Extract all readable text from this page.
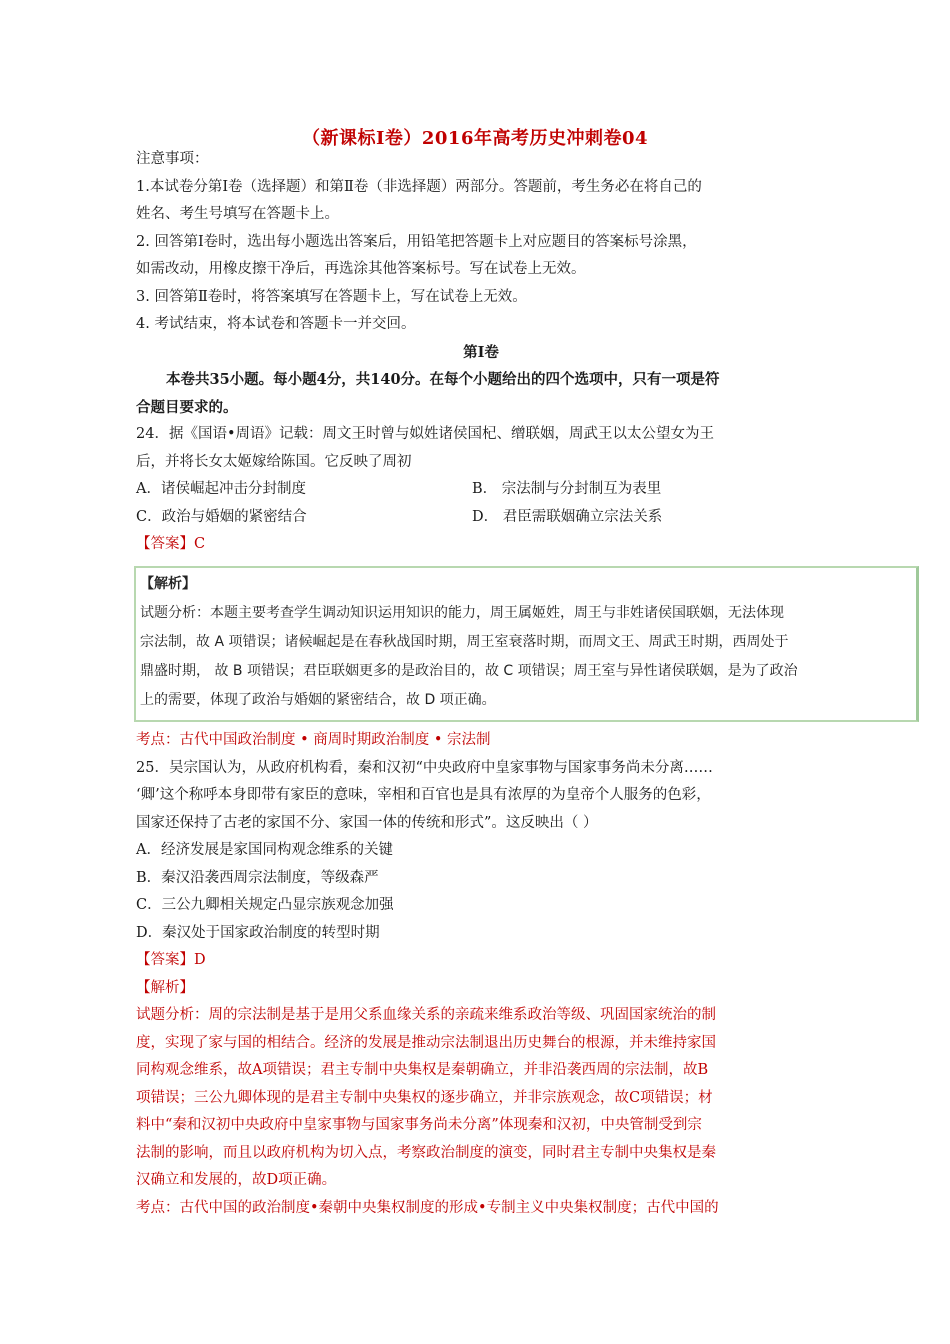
（新课标Ⅰ卷）2016年高考历史冲刺卷04
注意事项：
1.本试卷分第Ⅰ卷（选择题）和第Ⅱ卷（非选择题）两部分。答题前，考生务必在将自己的
姓名、考生号填写在答题卡上。
2. 回答第Ⅰ卷时，选出每小题选出答案后，用铅笔把答题卡上对应题目的答案标号涂黑，
如需改动，用橡皮擦干净后，再选涂其他答案标号。写在试卷上无效。
3. 回答第Ⅱ卷时，将答案填写在答题卡上，写在试卷上无效。
4. 考试结束，将本试卷和答题卡一并交回。
第Ⅰ卷
本卷共35小题。每小题4分，共140分。在每个小题给出的四个选项中，只有一项是符
合题目要求的。
24．据《国语•周语》记载：周文王时曾与姒姓诸侯国杞、缯联姻，周武王以太公望女为王
后，并将长女太姬嫁给陈国。它反映了周初
A．诸侯崛起冲击分封制度	B． 宗法制与分封制互为表里
C．政治与婚姻的紧密结合	D． 君臣需联姻确立宗法关系
【答案】C
【解析】
试题分析：本题主要考查学生调动知识运用知识的能力，周王属姬姓，周王与非姓诸侯国联姻，无法体现
宗法制，故 A 项错误；诸候崛起是在春秋战国时期，周王室衰落时期，而周文王、周武王时期，西周处于
鼎盛时期， 故 B 项错误；君臣联姻更多的是政治目的，故 C 项错误；周王室与异性诸侯联姻，是为了政治
上的需要，体现了政治与婚姻的紧密结合，故 D 项正确。
考点：古代中国政治制度 • 商周时期政治制度 • 宗法制
25．吴宗国认为，从政府机构看，秦和汉初“中央政府中皇家事物与国家事务尚未分离……
‘卿’这个称呼本身即带有家臣的意味，宰相和百官也是具有浓厚的为皇帝个人服务的色彩，
国家还保持了古老的家国不分、家国一体的传统和形式”。这反映出（ ）
A．经济发展是家国同构观念维系的关键
B．秦汉沿袭西周宗法制度，等级森严
C．三公九卿相关规定凸显宗族观念加强
D．秦汉处于国家政治制度的转型时期
【答案】D
【解析】
试题分析：周的宗法制是基于是用父系血缘关系的亲疏来维系政治等级、巩固国家统治的制
度，实现了家与国的相结合。经济的发展是推动宗法制退出历史舞台的根源，并未维持家国
同构观念维系，故A项错误；君主专制中央集权是秦朝确立，并非沿袭西周的宗法制，故B
项错误；三公九卿体现的是君主专制中央集权的逐步确立，并非宗族观念，故C项错误；材
料中“秦和汉初中央政府中皇家事物与国家事务尚未分离”体现秦和汉初，中央管制受到宗
法制的影响，而且以政府机构为切入点，考察政治制度的演变，同时君主专制中央集权是秦
汉确立和发展的，故D项正确。
考点：古代中国的政治制度•秦朝中央集权制度的形成•专制主义中央集权制度；古代中国的
